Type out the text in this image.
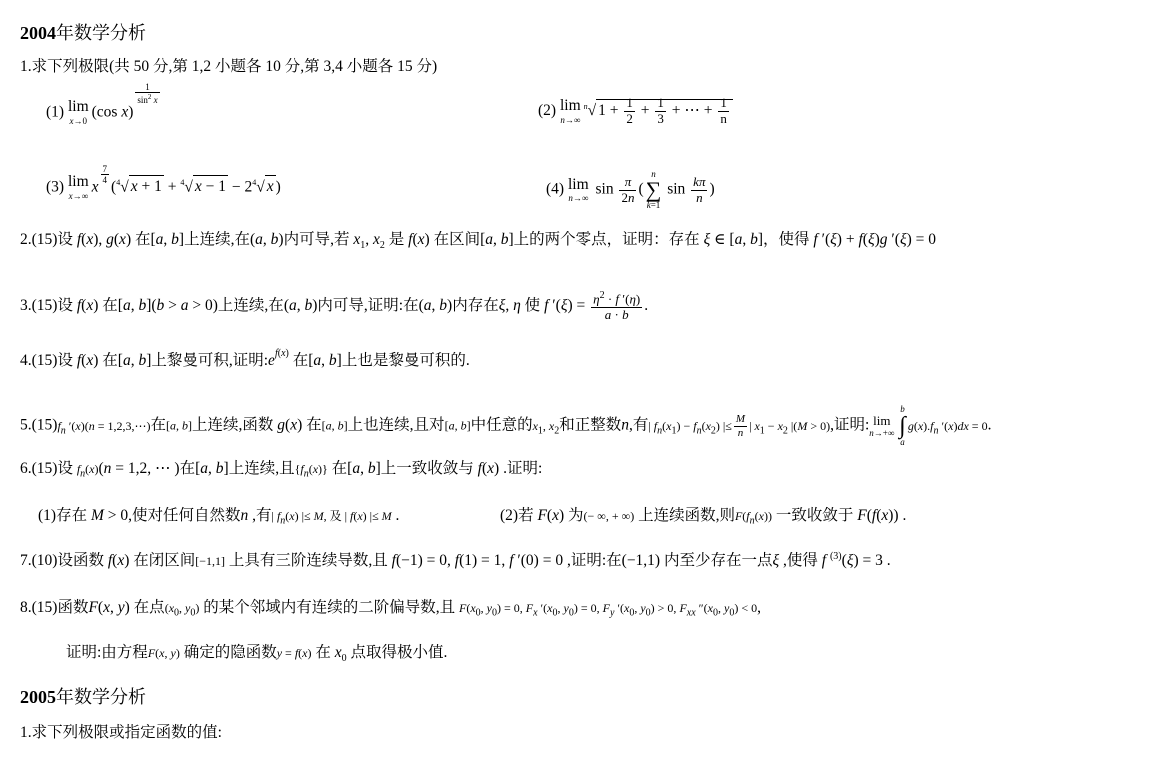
2004年数学分析
1.求下列极限(共 50 分,第 1,2 小题各 10 分,第 3,4 小题各 15 分)
(1) lim
x→0
(cos x)
$^{\frac{1}{\sin^2 x}}$
(2) lim
n→∞
$^n$√ $1 + \frac{1}{2} + \frac{1}{3}$ + ⋯ + $\frac{1}{n}$
(3) lim
x→∞
x
$^{\frac{7}{4}}$
($^4$√ x + 1 + $^4$√ $x - 1 - 2^4√$ x )	(4) lim
n→∞
$\sin \frac{\pi}{2n}$ (
n
∑
k=1
$\sin \frac{k\pi}{n}$ )
2.(15)设 f(x), g(x) 在[a, b]上连续,在(a, b)内可导,若 $x_1$, $x_2$ 是 f(x) 在区间[a, b]上的两个零点，证明：存在 ξ ∈ [a, b]，使得 f ′(ξ) + f(ξ)g ′(ξ) = 0
3.(15)设 f(x) 在[a, b](b > a > 0)上连续,在(a, b)内可导,证明:在(a, b)内存在ξ, η 使 f $'(\xi) = \frac{\eta^2 \cdot f '(\eta)}{a \cdot b}$ .
4.(15)设 f(x) 在[a, b]上黎曼可积,证明$:e^{f(x)}$ 在[a, b]上也是黎曼可积的.
$5.(15)f_n$ ′(x)(n = 1,2,3,⋯)在[a, b]上连续,函数 g(x) 在[a, b]上也连续,且对[a, b]中任意的$x_1$, $x_2$和正整数n,有| $f_n(x_1) - f_n(x_2)$ |≤ $\frac{M}{n}$ | $x_1 - x_2$ |(M > 0),证明: lim
n→+∞
b
∫
a
$g(x).f_n$ ′(x)dx = 0.
6.(15)设 $f_n(x)(n = 1,2$, ⋯ )在[a, b]上连续,且$\{f_n(x)\}$ 在[a, b]上一致收敛与 f(x) .证明:
(1)存在 M > 0,使对任何自然数n ,有| $f_n(x)$ |≤ M, 及 | f(x) |≤ M .	(2)若 F(x) 为(− ∞, + ∞) 上连续函数,则$F(f_n(x))$ 一致收敛于 F(f(x)) .
7.(10)设函数 f(x) 在闭区间[−1,1] 上具有三阶连续导数,且 f(−1) = 0, f(1) = 1, f ′(0) = 0 ,证明:在(−1,1) 内至少存在一点ξ ,使得 f $^{(3)}$(ξ) = 3 .
8.(15)函数F(x, y) 在点($x_0$, $y_0$) 的某个邻域内有连续的二阶偏导数,且 $F(x_0$, $y_0) = 0$, $F_x$ $'(x_0$, $y_0) = 0$, $F_y$ $'(x_0$, $y_0) > 0$, $F_{xx}$ $''(x_0$, $y_0) < 0$,
证明:由方程F(x, y) 确定的隐函数y = f(x) 在 $x_0$ 点取得极小值.
2005年数学分析
1.求下列极限或指定函数的值:
